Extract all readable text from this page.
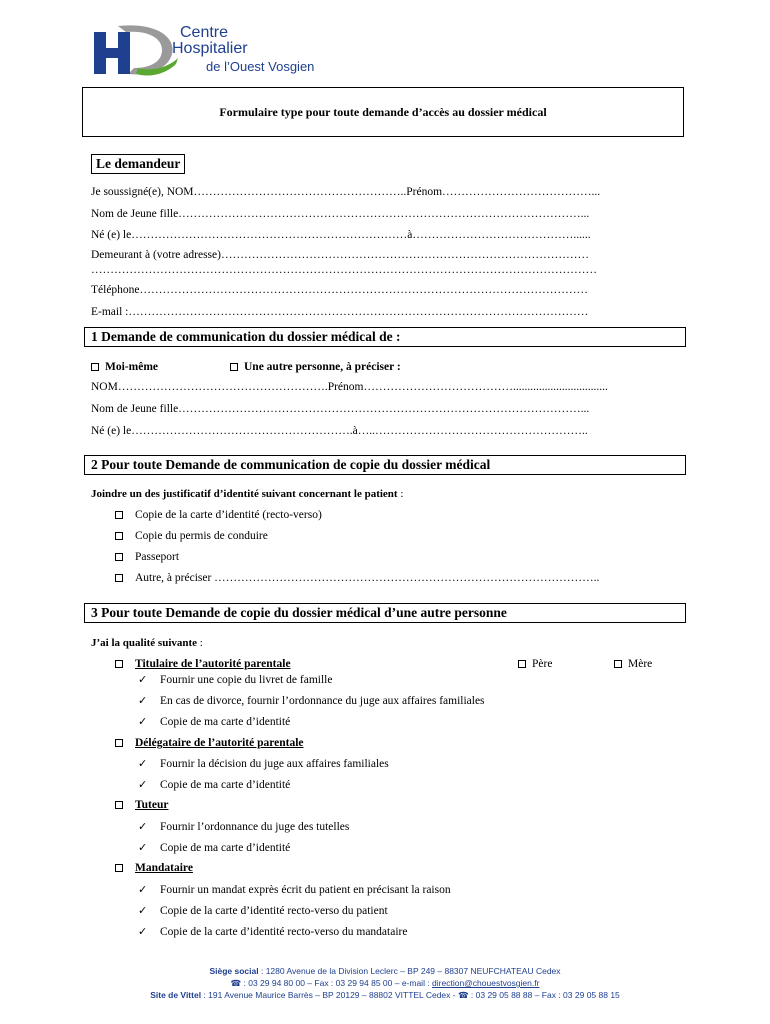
Centre
Hospitalier
de l’Ouest Vosgien
Formulaire type pour toute demande d’accès au dossier médical
Le demandeur
Je soussigné(e), NOM………………………………………………..Prénom…………………………………...
Nom de Jeune fille……………………………………………………………………………………………...
Né (e) le………………………………………………………………à……………………………………......
Demeurant à (votre adresse)……………………………………………………………………………………
……………………………………………………………………………………………………………………
Téléphone………………………………………………………………………………………………………
E-mail :…………………………………………………………………………………………………………
1 Demande de communication du dossier médical de :
Moi-même	Une autre personne, à préciser :
NOM……………………………………………….Prénom………………………………….................................
Nom de Jeune fille……………………………………………………………………………………………...
Né (e) le………………………………………………….à…..………………………………………………..
2 Pour toute Demande de communication de copie du dossier médical
Joindre un des justificatif d’identité suivant concernant le patient :
Copie de la carte d’identité (recto-verso)
Copie du permis de conduire
Passeport
Autre, à préciser ………………………………………………………………………………………..
3 Pour toute Demande de copie du dossier médical d’une autre personne
J’ai la qualité suivante :
Titulaire de l’autorité parentale	Père	Mère
✓ Fournir une copie du livret de famille
✓ En cas de divorce, fournir l’ordonnance du juge aux affaires familiales
✓ Copie de ma carte d’identité
Délégataire de l’autorité parentale
✓ Fournir la décision du juge aux affaires familiales
✓ Copie de ma carte d’identité
Tuteur
✓ Fournir l’ordonnance du juge des tutelles
✓ Copie de ma carte d’identité
Mandataire
✓ Fournir un mandat exprès écrit du patient en précisant la raison
✓ Copie de la carte d’identité recto-verso du patient
✓ Copie de la carte d’identité recto-verso du mandataire
Siège social : 1280 Avenue de la Division Leclerc – BP 249 – 88307 NEUFCHATEAU Cedex
☎ : 03 29 94 80 00 – Fax : 03 29 94 85 00 – e-mail : direction@chouestvosgien.fr
Site de Vittel : 191 Avenue Maurice Barrès – BP 20129 – 88802 VITTEL Cedex - ☎ : 03 29 05 88 88 – Fax : 03 29 05 88 15
